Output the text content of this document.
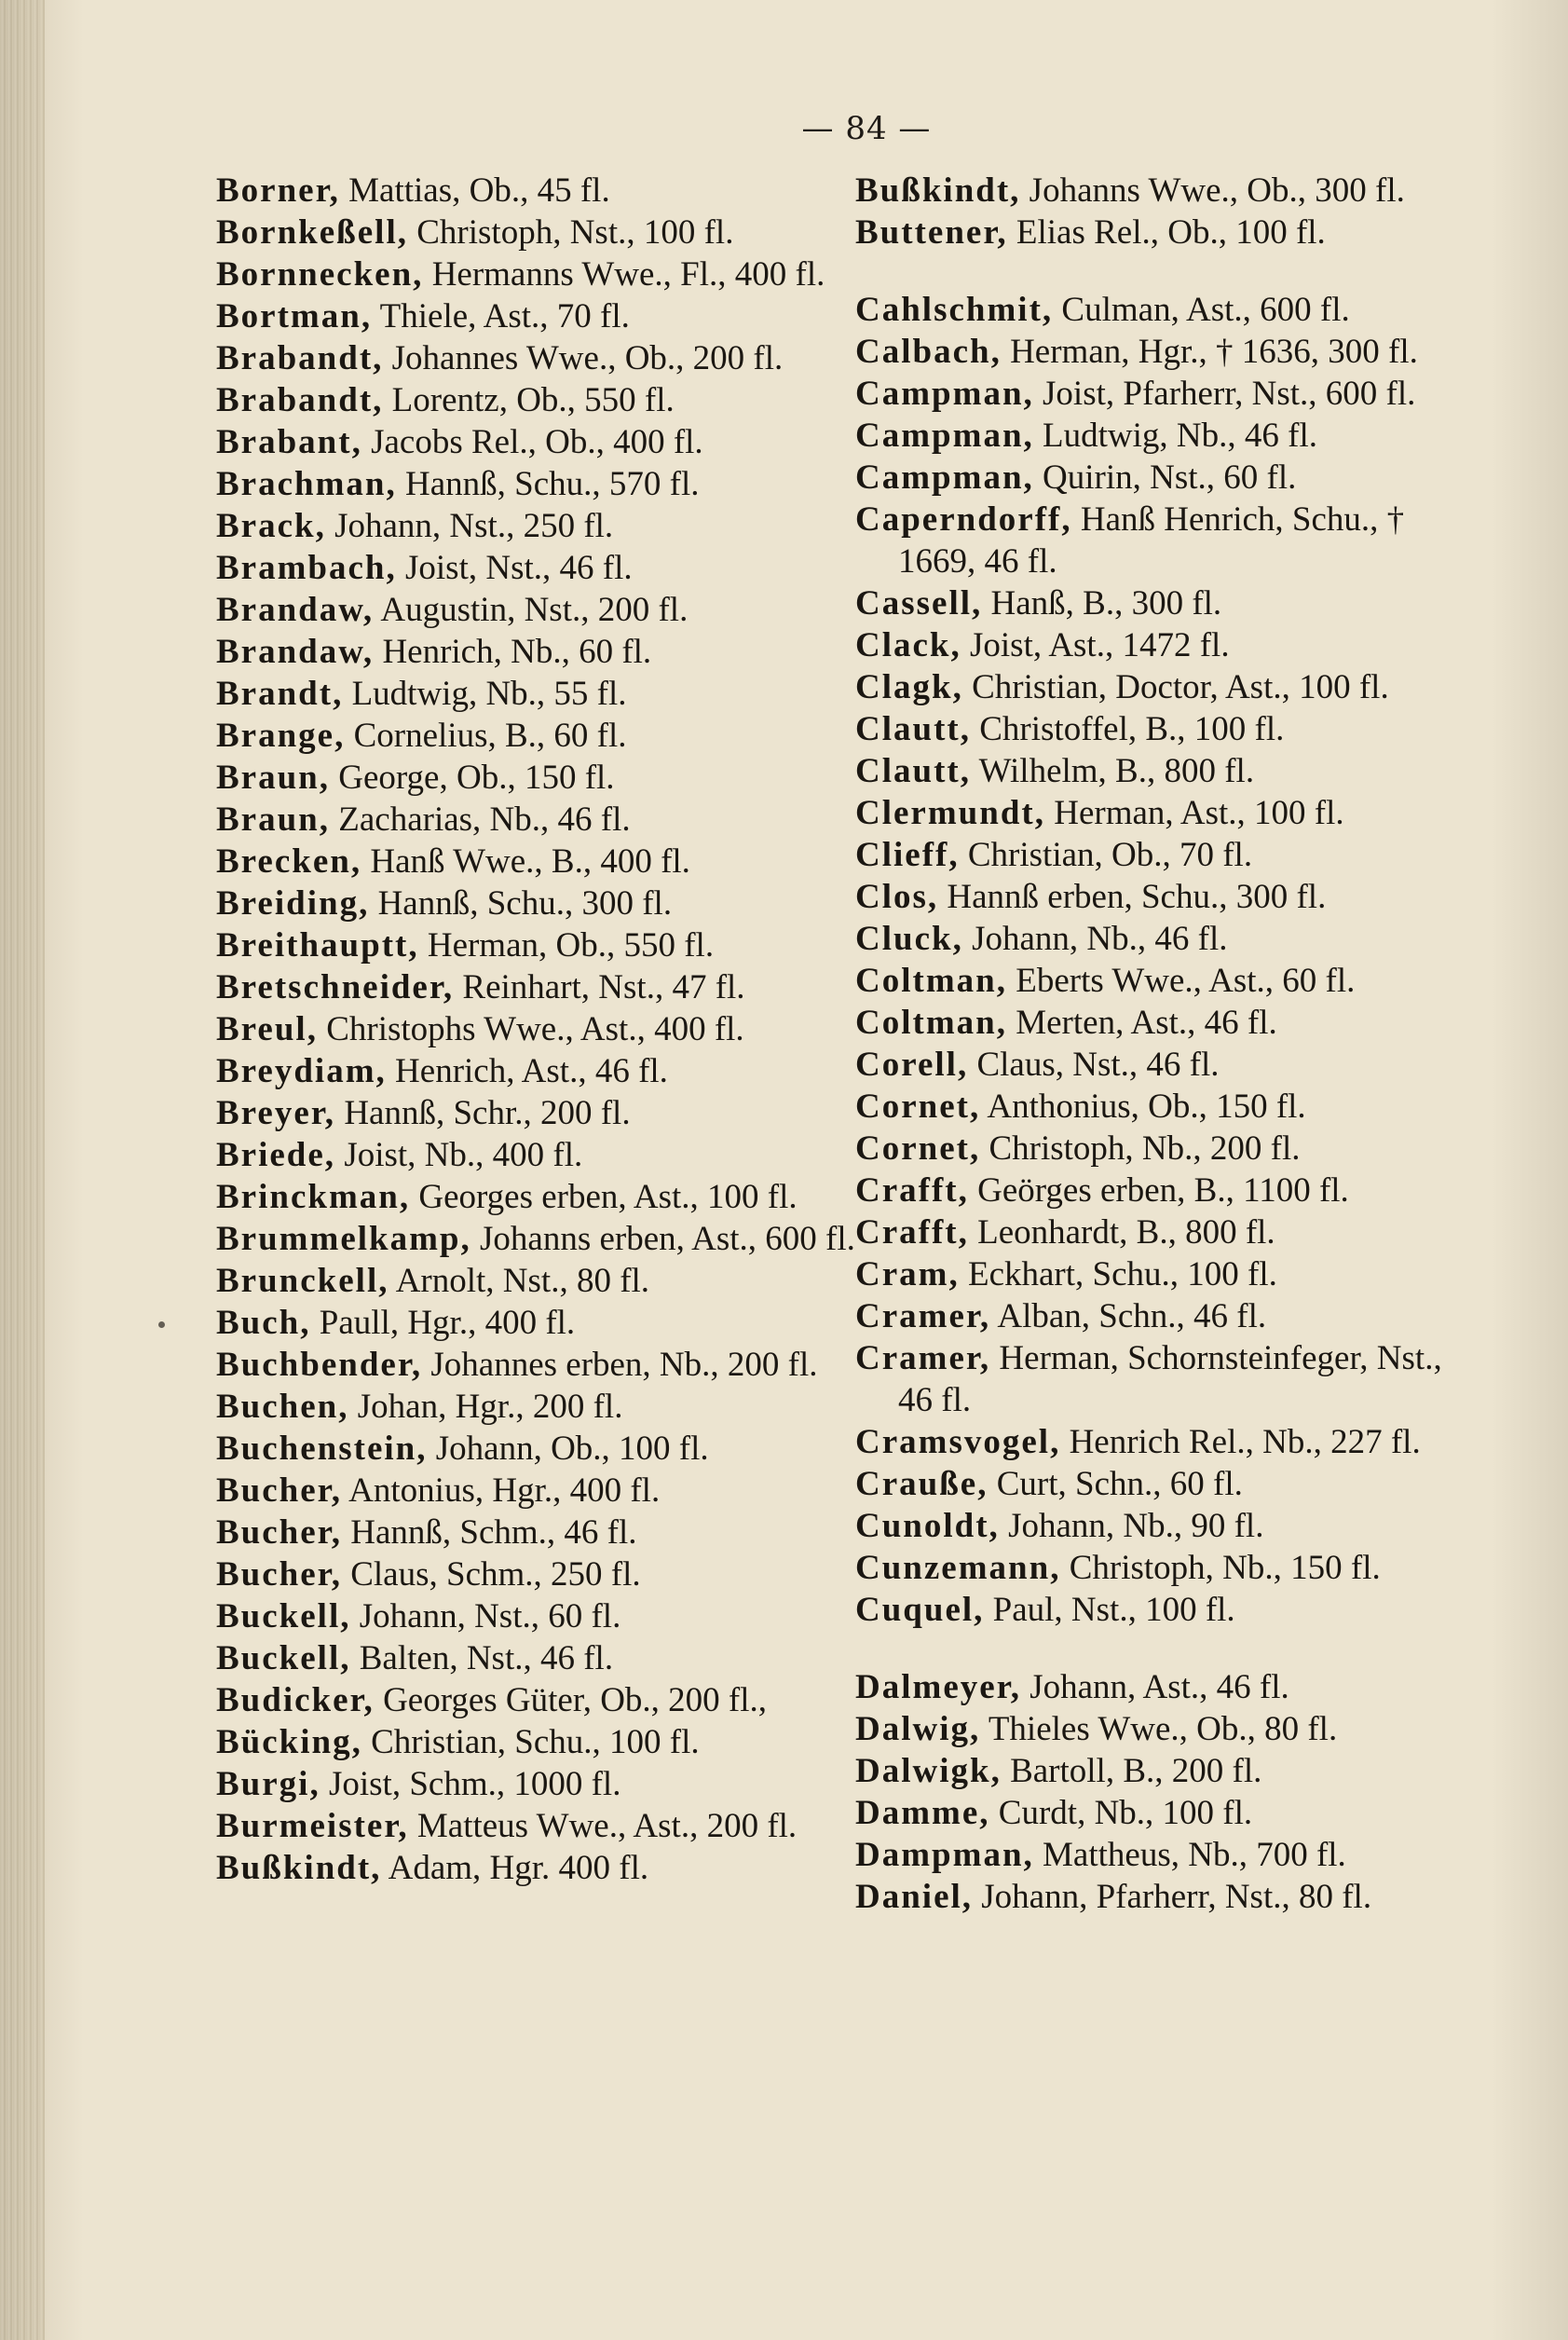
— 84 —

Borner, Mattias, Ob., 45 fl.

Bornkeßell, Christoph, Nst., 100 fl.

Bornnecken, Hermanns Wwe., Fl., 400 fl.

Bortman, Thiele, Ast., 70 fl.

Brabandt, Johannes Wwe., Ob., 200 fl.

Brabandt, Lorentz, Ob., 550 fl.

Brabant, Jacobs Rel., Ob., 400 fl.

Brachman, Hannß, Schu., 570 fl.

Brack, Johann, Nst., 250 fl.

Brambach, Joist, Nst., 46 fl.

Brandaw, Augustin, Nst., 200 fl.

Brandaw, Henrich, Nb., 60 fl.

Brandt, Ludtwig, Nb., 55 fl.

Brange, Cornelius, B., 60 fl.

Braun, George, Ob., 150 fl.

Braun, Zacharias, Nb., 46 fl.

Brecken, Hanß Wwe., B., 400 fl.

Breiding, Hannß, Schu., 300 fl.

Breithauptt, Herman, Ob., 550 fl.

Bretschneider, Reinhart, Nst., 47 fl.

Breul, Christophs Wwe., Ast., 400 fl.

Breydiam, Henrich, Ast., 46 fl.

Breyer, Hannß, Schr., 200 fl.

Briede, Joist, Nb., 400 fl.

Brinckman, Georges erben, Ast., 100 fl.

Brummelkamp, Johanns erben, Ast., 600 fl.

Brunckell, Arnolt, Nst., 80 fl.

Buch, Paull, Hgr., 400 fl.

Buchbender, Johannes erben, Nb., 200 fl.

Buchen, Johan, Hgr., 200 fl.

Buchenstein, Johann, Ob., 100 fl.

Bucher, Antonius, Hgr., 400 fl.

Bucher, Hannß, Schm., 46 fl.

Bucher, Claus, Schm., 250 fl.

Buckell, Johann, Nst., 60 fl.

Buckell, Balten, Nst., 46 fl.

Budicker, Georges Güter, Ob., 200 fl.,

Bücking, Christian, Schu., 100 fl.

Burgi, Joist, Schm., 1000 fl.

Burmeister, Matteus Wwe., Ast., 200 fl.

Bußkindt, Adam, Hgr. 400 fl.

Bußkindt, Johanns Wwe., Ob., 300 fl.

Buttener, Elias Rel., Ob., 100 fl.

Cahlschmit, Culman, Ast., 600 fl.

Calbach, Herman, Hgr., † 1636, 300 fl.

Campman, Joist, Pfarherr, Nst., 600 fl.

Campman, Ludtwig, Nb., 46 fl.

Campman, Quirin, Nst., 60 fl.

Caperndorff, Hanß Henrich, Schu., † 1669, 46 fl.

Cassell, Hanß, B., 300 fl.

Clack, Joist, Ast., 1472 fl.

Clagk, Christian, Doctor, Ast., 100 fl.

Clautt, Christoffel, B., 100 fl.

Clautt, Wilhelm, B., 800 fl.

Clermundt, Herman, Ast., 100 fl.

Clieff, Christian, Ob., 70 fl.

Clos, Hannß erben, Schu., 300 fl.

Cluck, Johann, Nb., 46 fl.

Coltman, Eberts Wwe., Ast., 60 fl.

Coltman, Merten, Ast., 46 fl.

Corell, Claus, Nst., 46 fl.

Cornet, Anthonius, Ob., 150 fl.

Cornet, Christoph, Nb., 200 fl.

Crafft, Geörges erben, B., 1100 fl.

Crafft, Leonhardt, B., 800 fl.

Cram, Eckhart, Schu., 100 fl.

Cramer, Alban, Schn., 46 fl.

Cramer, Herman, Schornsteinfeger, Nst., 46 fl.

Cramsvogel, Henrich Rel., Nb., 227 fl.

Craußе, Curt, Schn., 60 fl.

Cunoldt, Johann, Nb., 90 fl.

Cunzemann, Christoph, Nb., 150 fl.

Cuquel, Paul, Nst., 100 fl.

Dalmeyer, Johann, Ast., 46 fl.

Dalwig, Thieles Wwe., Ob., 80 fl.

Dalwigk, Bartoll, B., 200 fl.

Damme, Curdt, Nb., 100 fl.

Dampman, Mattheus, Nb., 700 fl.

Daniel, Johann, Pfarherr, Nst., 80 fl.
